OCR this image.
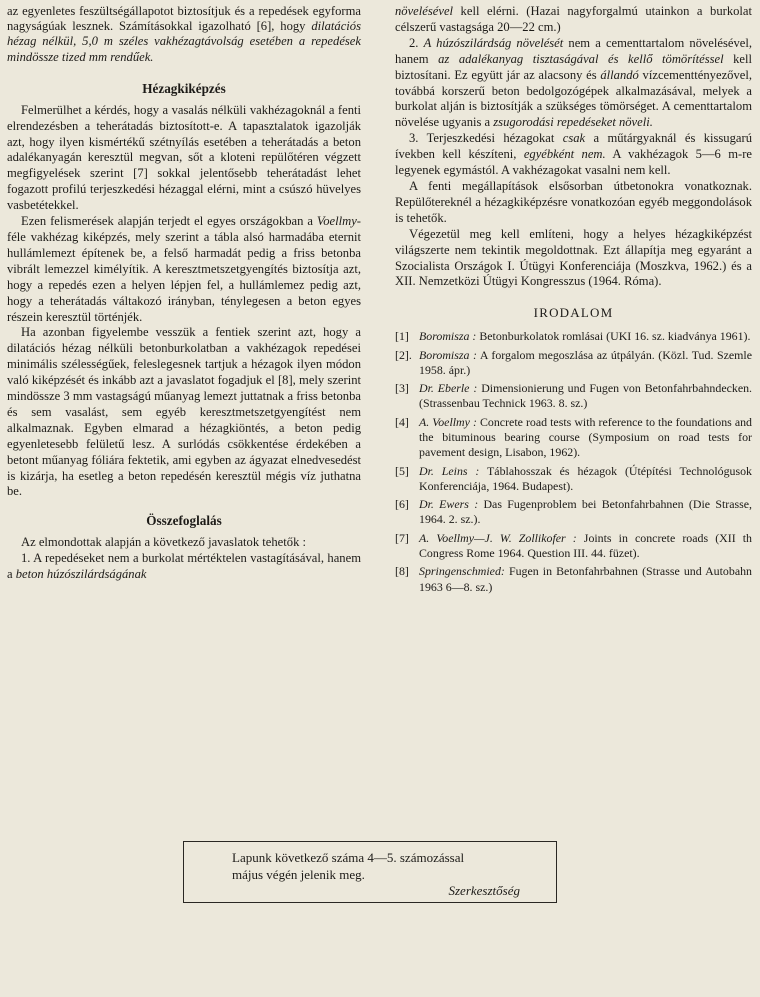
az egyenletes feszültségállapotot biztosítjuk és a repedések egyforma nagyságúak lesznek. Számításokkal igazolható [6], hogy dilatációs hézag nélkül, 5,0 m széles vakhézagtávolság esetében a repedések mindössze tized mm rendűek.

Hézagkiképzés

Felmerülhet a kérdés, hogy a vasalás nélküli vakhézagoknál a fenti elrendezésben a teherátadás biztosított-e. A tapasztalatok igazolják azt, hogy ilyen kismértékű szétnyílás esetében a teherátadás a beton adalékanyagán keresztül megvan, sőt a kloteni repülőtéren végzett megfigyelések szerint [7] sokkal jelentősebb teherátadást lehet fogazott profilú terjeszkedési hézaggal elérni, mint a csúszó hüvelyes vasbetétekkel.

Ezen felismerések alapján terjedt el egyes országokban a Voellmy-féle vakhézag kiképzés, mely szerint a tábla alsó harmadába eternit hullámlemezt építenek be, a felső harmadát pedig a friss betonba vibrált lemezzel kimélyítik. A keresztmetszetgyengítés biztosítja azt, hogy a repedés ezen a helyen lépjen fel, a hullámlemez pedig azt, hogy a teherátadás váltakozó irányban, ténylegesen a beton egyes részein keresztül történjék.

Ha azonban figyelembe vesszük a fentiek szerint azt, hogy a dilatációs hézag nélküli betonburkolatban a vakhézagok repedései minimális szélességűek, feleslegesnek tartjuk a hézagok ilyen módon való kiképzését és inkább azt a javaslatot fogadjuk el [8], mely szerint mindössze 3 mm vastagságú műanyag lemezt juttatnak a friss betonba és sem vasalást, sem egyéb keresztmetszetgyengítést nem alkalmaznak. Egyben elmarad a hézagkiöntés, a beton pedig egyenletesebb felületű lesz. A surlódás csökkentése érdekében a betont műanyag fóliára fektetik, ami egyben az ágyazat elnedvesedést is kizárja, ha esetleg a beton repedésén keresztül mégis víz juthatna be.

Összefoglalás

Az elmondottak alapján a következő javaslatok tehetők :

1. A repedéseket nem a burkolat mértéktelen vastagításával, hanem a beton húzószilárdságának

növelésével kell elérni. (Hazai nagyforgalmú utainkon a burkolat célszerű vastagsága 20—22 cm.)

2. A húzószilárdság növelését nem a cementtartalom növelésével, hanem az adalékanyag tisztaságával és kellő tömörítéssel kell biztosítani. Ez együtt jár az alacsony és állandó vízcementtényezővel, továbbá korszerű beton bedolgozógépek alkalmazásával, melyek a burkolat alján is biztosítják a szükséges tömörséget. A cementtartalom növelése ugyanis a zsugorodási repedéseket növeli.

3. Terjeszkedési hézagokat csak a műtárgyaknál és kissugarú ívekben kell készíteni, egyébként nem. A vakhézagok 5—6 m-re legyenek egymástól. A vakhézagokat vasalni nem kell.

A fenti megállapítások elsősorban útbetonokra vonatkoznak. Repülőtereknél a hézagkiképzésre vonatkozóan egyéb meggondolások is tehetők.

Végezetül meg kell említeni, hogy a helyes hézagkiképzést világszerte nem tekintik megoldottnak. Ezt állapítja meg egyaránt a Szocialista Országok I. Útügyi Konferenciája (Moszkva, 1962.) és a XII. Nemzetközi Útügyi Kongresszus (1964. Róma).

IRODALOM

[1] Boromisza : Betonburkolatok romlásai (UKI 16. sz. kiadványa 1961).

[2]. Boromisza : A forgalom megoszlása az útpályán. (Közl. Tud. Szemle 1958. ápr.)

[3] Dr. Eberle : Dimensionierung und Fugen von Betonfahrbahndecken. (Strassenbau Technick 1963. 8. sz.)

[4] A. Voellmy : Concrete road tests with reference to the foundations and the bituminous bearing course (Symposium on road tests for pavement design, Lisabon, 1962).

[5] Dr. Leins : Táblahosszak és hézagok (Útépítési Technológusok Konferenciája, 1964. Budapest).

[6] Dr. Ewers : Das Fugenproblem bei Betonfahrbahnen (Die Strasse, 1964. 2. sz.).

[7] A. Voellmy—J. W. Zollikofer : Joints in concrete roads (XII th Congress Rome 1964. Question III. 44. füzet).

[8] Springenschmied: Fugen in Betonfahrbahnen (Strasse und Autobahn 1963 6—8. sz.)

Lapunk következő száma 4—5. számozással
május végén jelenik meg.
Szerkesztőség
